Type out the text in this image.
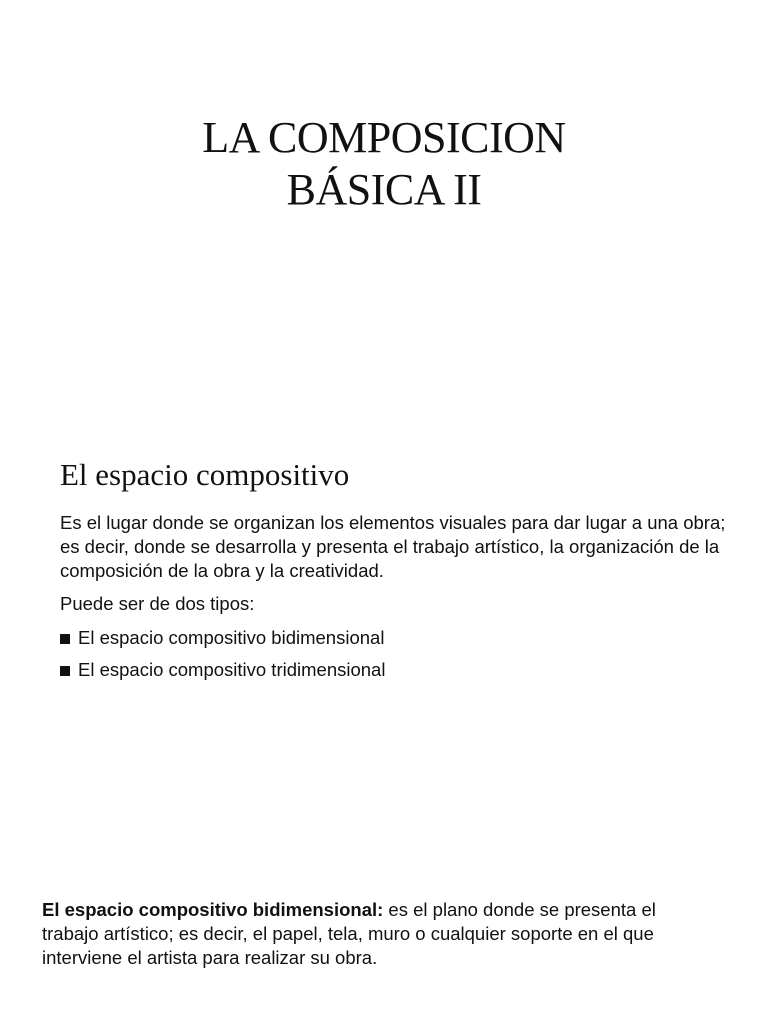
LA COMPOSICION
BÁSICA II
El espacio compositivo

Es el lugar donde se organizan los elementos visuales para dar lugar a una obra; es decir, donde se desarrolla y presenta el trabajo artístico, la organización de la composición de la obra y la creatividad.

Puede ser de dos tipos:

El espacio compositivo bidimensional
El espacio compositivo tridimensional

El espacio compositivo bidimensional: es el plano donde se presenta el trabajo artístico; es decir, el papel, tela, muro o cualquier soporte en el que interviene el artista para realizar su obra.
